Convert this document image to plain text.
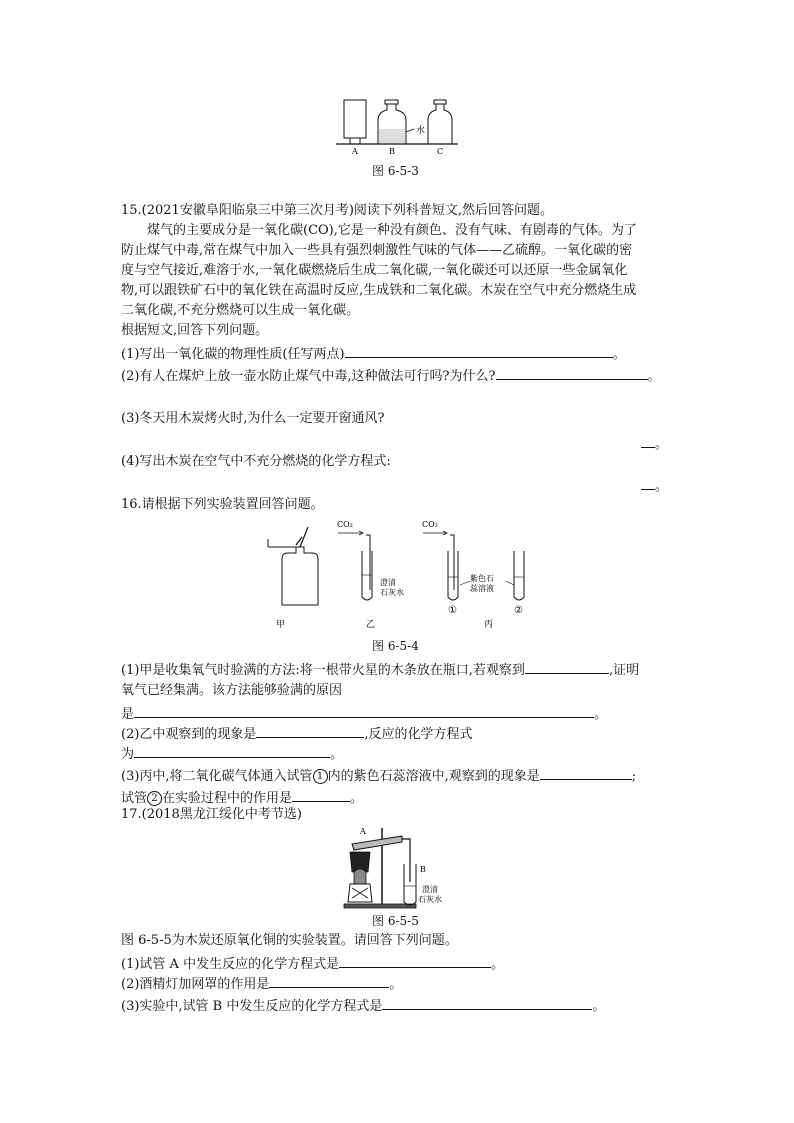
水
A	B	C
图 6-5-3
15.(2021安徽阜阳临泉三中第三次月考)阅读下列科普短文,然后回答问题。
煤气的主要成分是一氧化碳(CO),它是一种没有颜色、没有气味、有剧毒的气体。为了
防止煤气中毒,常在煤气中加入一些具有强烈刺激性气味的气体——乙硫醇。一氧化碳的密
度与空气接近,难溶于水,一氧化碳燃烧后生成二氧化碳,一氧化碳还可以还原一些金属氧化
物,可以跟铁矿石中的氧化铁在高温时反应,生成铁和二氧化碳。木炭在空气中充分燃烧生成
二氧化碳,不充分燃烧可以生成一氧化碳。
根据短文,回答下列问题。
(1)写出一氧化碳的物理性质(任写两点)	。
(2)有人在煤炉上放一壶水防止煤气中毒,这种做法可行吗?为什么?	。
(3)冬天用木炭烤火时,为什么一定要开窗通风?
。
(4)写出木炭在空气中不充分燃烧的化学方程式:
。
16.请根据下列实验装置回答问题。
甲
CO₂
澄清
石灰水
乙
CO₂
紫色石
蕊溶液
①	②
丙
图 6-5-4
(1)甲是收集氧气时验满的方法:将一根带火星的木条放在瓶口,若观察到	,证明
氧气已经集满。该方法能够验满的原因
是	。
(2)乙中观察到的现象是	,反应的化学方程式
为	。
(3)丙中,将二氧化碳气体通入试管 1 内的紫色石蕊溶液中,观察到的现象是	;
试管 2 在实验过程中的作用是	。
17.(2018黑龙江绥化中考节选)
A
B
澄清
石灰水
图 6-5-5
图 6-5-5为木炭还原氧化铜的实验装置。请回答下列问题。
(1)试管 A 中发生反应的化学方程式是	。
(2)酒精灯加网罩的作用是	。
(3)实验中,试管 B 中发生反应的化学方程式是	。
